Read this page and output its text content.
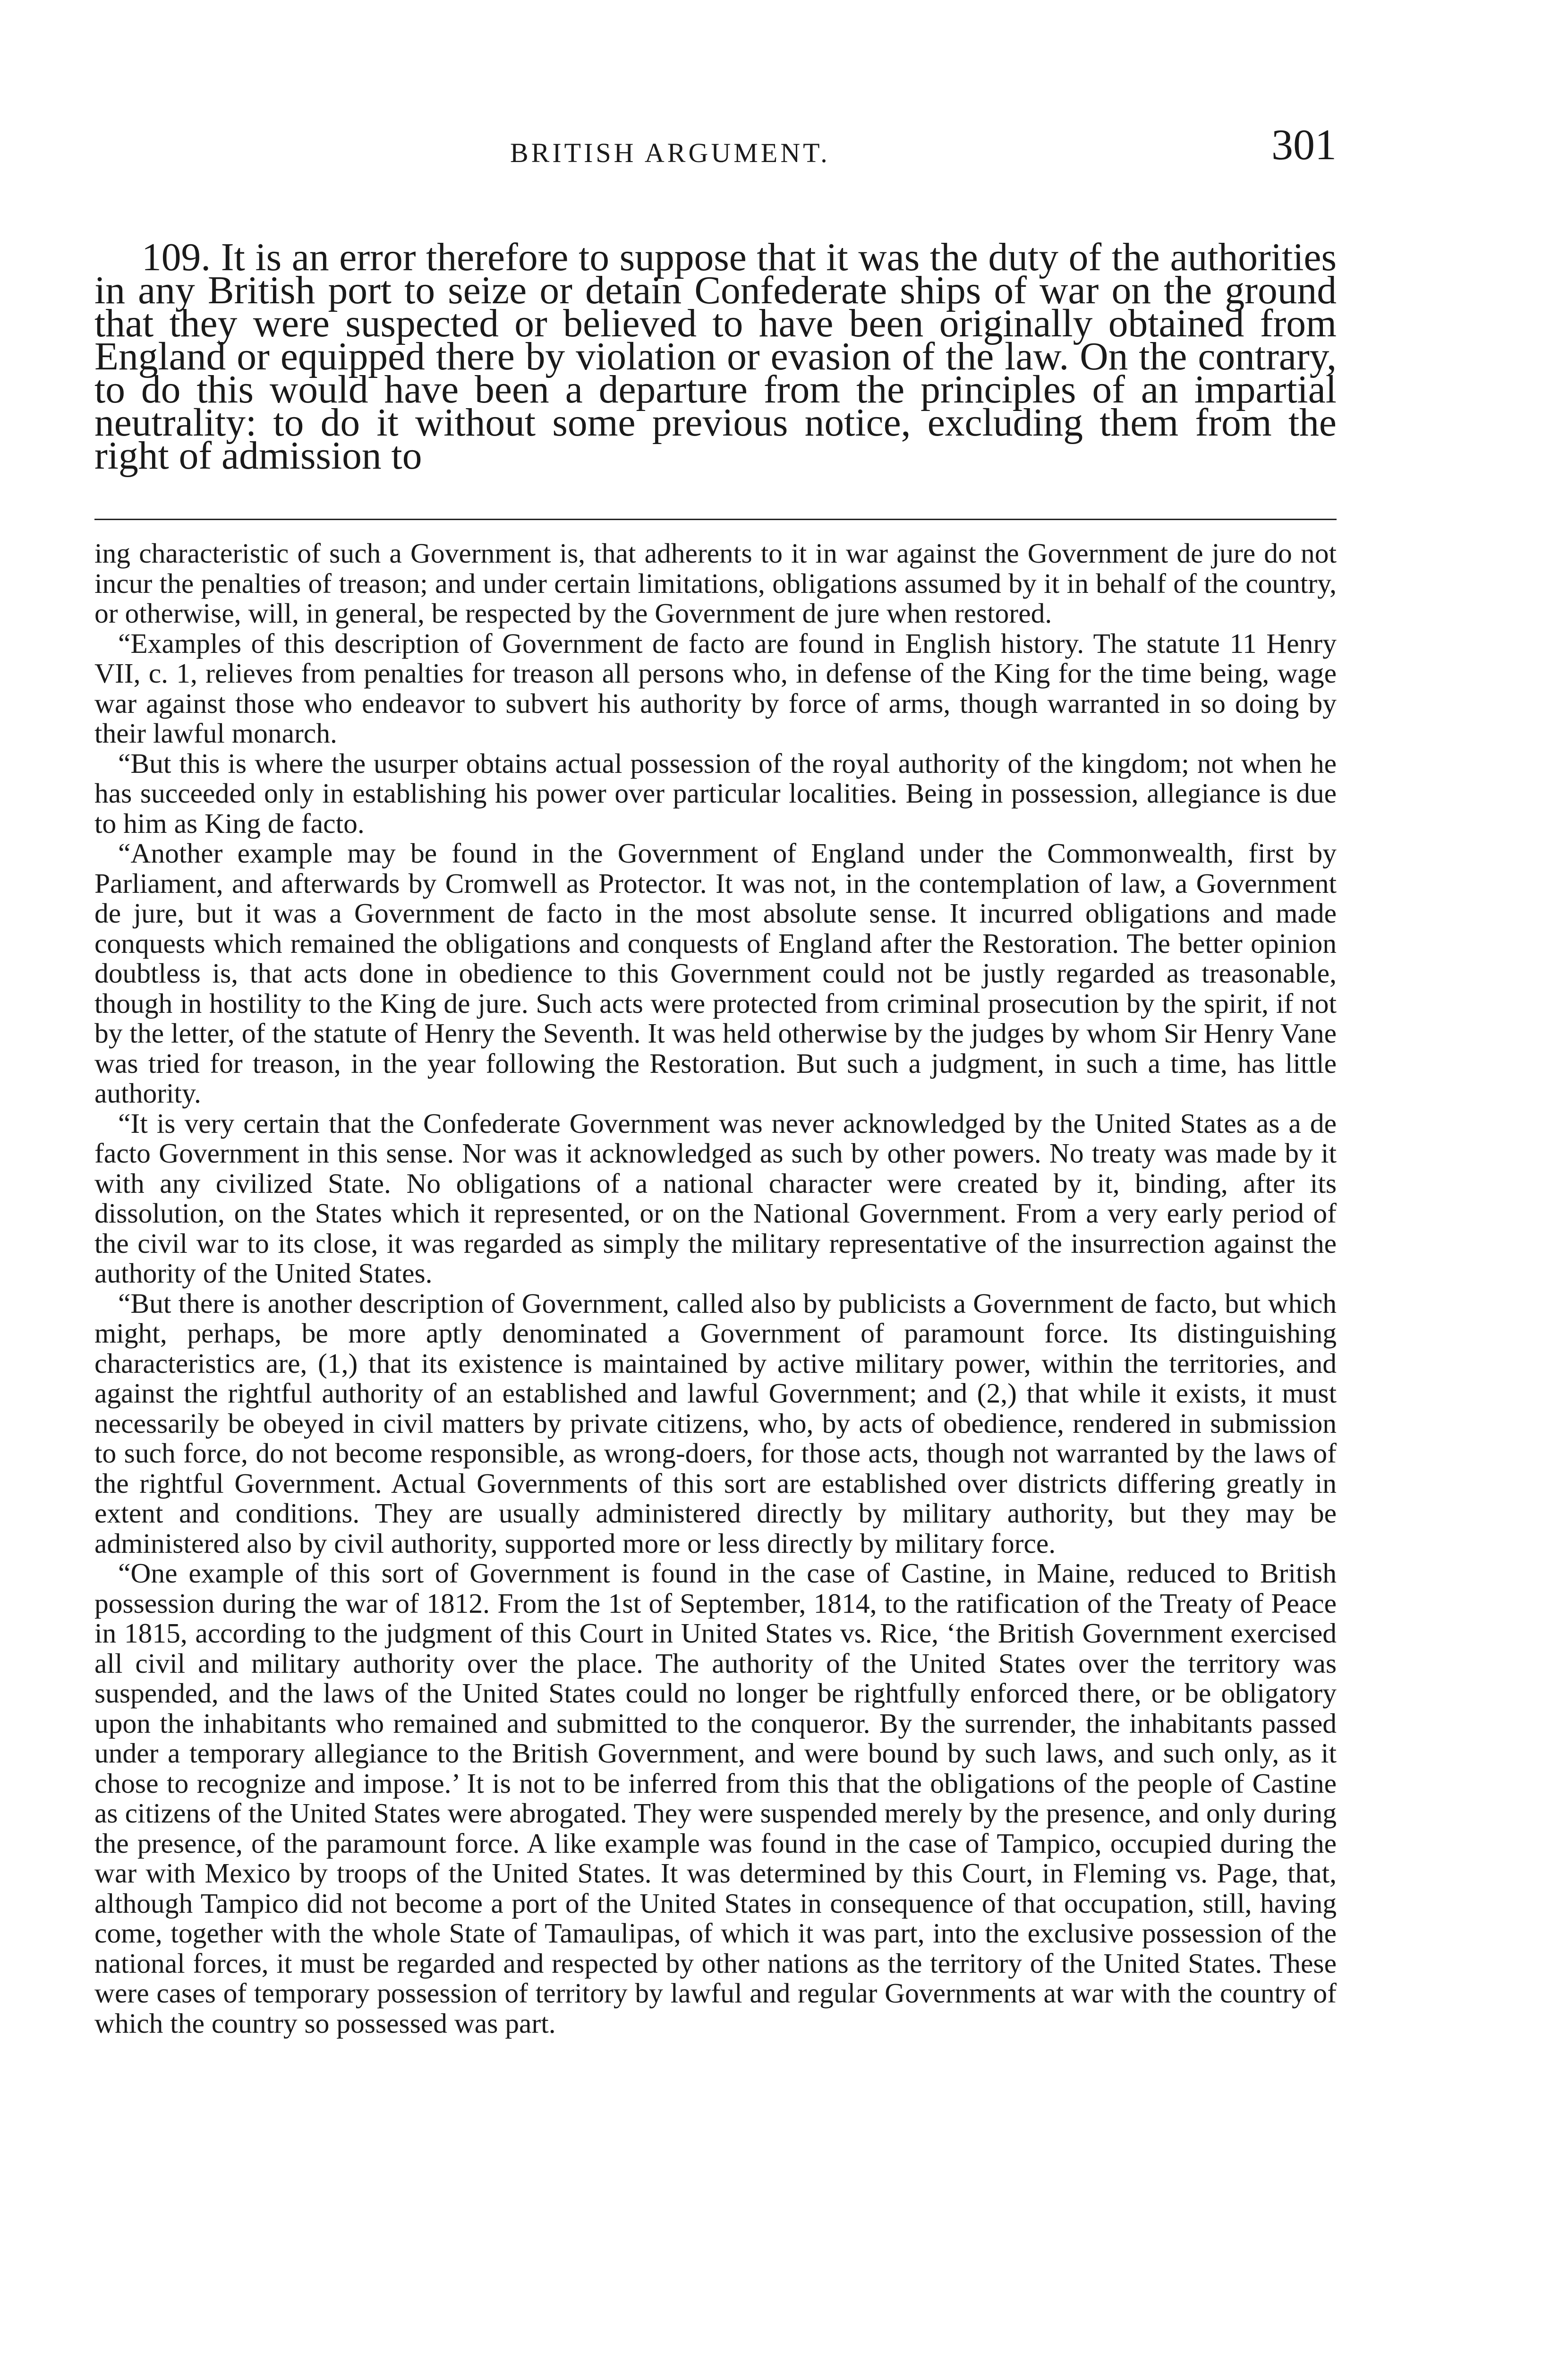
BRITISH ARGUMENT.	301

109. It is an error therefore to suppose that it was the duty of the authorities in any British port to seize or detain Confederate ships of war on the ground that they were suspected or believed to have been originally obtained from England or equipped there by violation or evasion of the law. On the contrary, to do this would have been a departure from the principles of an impartial neutrality: to do it without some previous notice, excluding them from the right of admission to

ing characteristic of such a Government is, that adherents to it in war against the Government de jure do not incur the penalties of treason; and under certain limitations, obligations assumed by it in behalf of the country, or otherwise, will, in general, be respected by the Government de jure when restored.

“Examples of this description of Government de facto are found in English history. The statute 11 Henry VII, c. 1, relieves from penalties for treason all persons who, in defense of the King for the time being, wage war against those who endeavor to subvert his authority by force of arms, though warranted in so doing by their lawful monarch.

“But this is where the usurper obtains actual possession of the royal authority of the kingdom; not when he has succeeded only in establishing his power over particular localities. Being in possession, allegiance is due to him as King de facto.

“Another example may be found in the Government of England under the Commonwealth, first by Parliament, and afterwards by Cromwell as Protector. It was not, in the contemplation of law, a Government de jure, but it was a Government de facto in the most absolute sense. It incurred obligations and made conquests which remained the obligations and conquests of England after the Restoration. The better opinion doubtless is, that acts done in obedience to this Government could not be justly regarded as treasonable, though in hostility to the King de jure. Such acts were protected from criminal prosecution by the spirit, if not by the letter, of the statute of Henry the Seventh. It was held otherwise by the judges by whom Sir Henry Vane was tried for treason, in the year following the Restoration. But such a judgment, in such a time, has little authority.

“It is very certain that the Confederate Government was never acknowledged by the United States as a de facto Government in this sense. Nor was it acknowledged as such by other powers. No treaty was made by it with any civilized State. No obligations of a national character were created by it, binding, after its dissolution, on the States which it represented, or on the National Government. From a very early period of the civil war to its close, it was regarded as simply the military representative of the insurrection against the authority of the United States.

“But there is another description of Government, called also by publicists a Government de facto, but which might, perhaps, be more aptly denominated a Government of paramount force. Its distinguishing characteristics are, (1,) that its existence is maintained by active military power, within the territories, and against the rightful authority of an established and lawful Government; and (2,) that while it exists, it must necessarily be obeyed in civil matters by private citizens, who, by acts of obedience, rendered in submission to such force, do not become responsible, as wrong-doers, for those acts, though not warranted by the laws of the rightful Government. Actual Governments of this sort are established over districts differing greatly in extent and conditions. They are usually administered directly by military authority, but they may be administered also by civil authority, supported more or less directly by military force.

“One example of this sort of Government is found in the case of Castine, in Maine, reduced to British possession during the war of 1812. From the 1st of September, 1814, to the ratification of the Treaty of Peace in 1815, according to the judgment of this Court in United States vs. Rice, ‘the British Government exercised all civil and military authority over the place. The authority of the United States over the territory was suspended, and the laws of the United States could no longer be rightfully enforced there, or be obligatory upon the inhabitants who remained and submitted to the conqueror. By the surrender, the inhabitants passed under a temporary allegiance to the British Government, and were bound by such laws, and such only, as it chose to recognize and impose.’ It is not to be inferred from this that the obligations of the people of Castine as citizens of the United States were abrogated. They were suspended merely by the presence, and only during the presence, of the paramount force. A like example was found in the case of Tampico, occupied during the war with Mexico by troops of the United States. It was determined by this Court, in Fleming vs. Page, that, although Tampico did not become a port of the United States in consequence of that occupation, still, having come, together with the whole State of Tamaulipas, of which it was part, into the exclusive possession of the national forces, it must be regarded and respected by other nations as the territory of the United States. These were cases of temporary possession of territory by lawful and regular Governments at war with the country of which the country so possessed was part.
